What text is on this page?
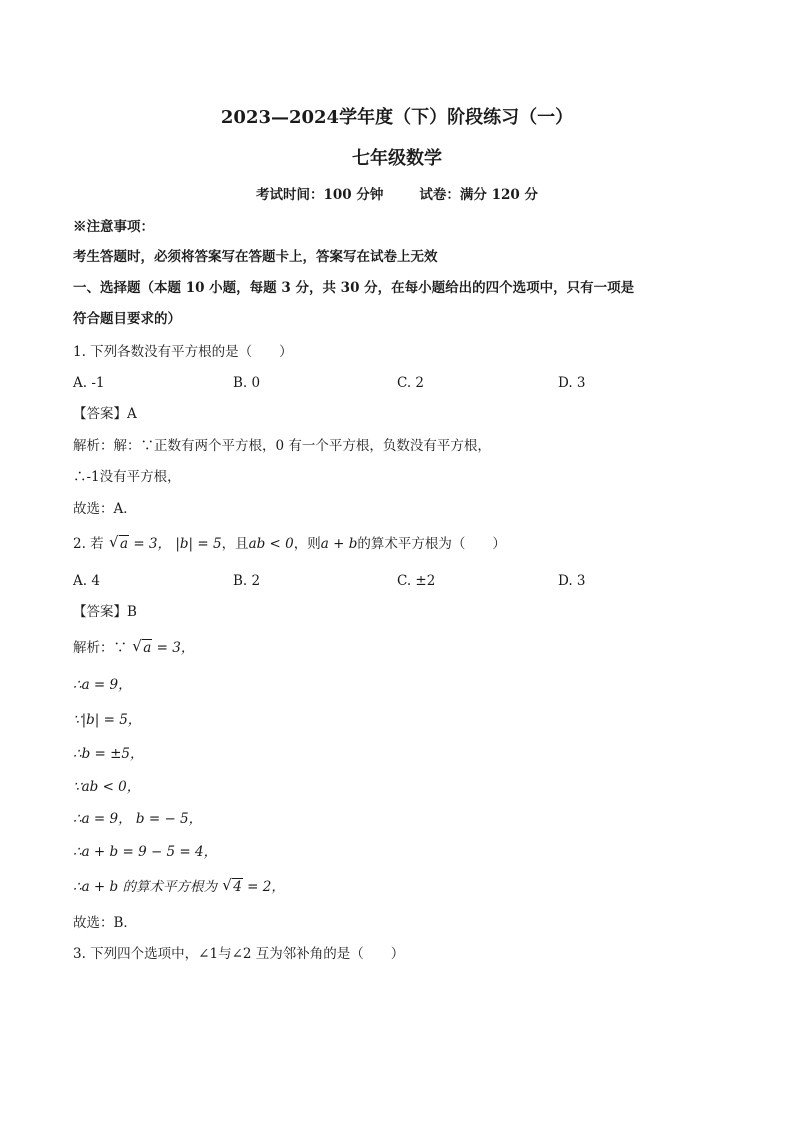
2023—2024学年度（下）阶段练习（一）
七年级数学
考试时间：100 分钟	试卷：满分 120 分
※注意事项：
考生答题时，必须将答案写在答题卡上，答案写在试卷上无效
一、选择题（本题 10 小题，每题 3 分，共 30 分，在每小题给出的四个选项中，只有一项是
符合题目要求的）
1. 下列各数没有平方根的是（　　）
A. -1	B. 0	C. 2	D. 3
【答案】A
解析：解：∵正数有两个平方根，0 有一个平方根，负数没有平方根，
∴-1没有平方根，
故选：A．
2. 若 √ a = 3， |b| = 5，且ab < 0，则a + b的算术平方根为（　　）
A. 4	B. 2	C. ±2	D. 3
【答案】B
解析：∵ √ a = 3，
∴a = 9，
∵|b| = 5，
∴b = ±5，
∵ab < 0，
∴a = 9， b = − 5，
∴a + b = 9 − 5 = 4，
∴a + b 的算术平方根为 √ 4 = 2，
故选：B．
3. 下列四个选项中，∠1与∠2 互为邻补角的是（　　）
